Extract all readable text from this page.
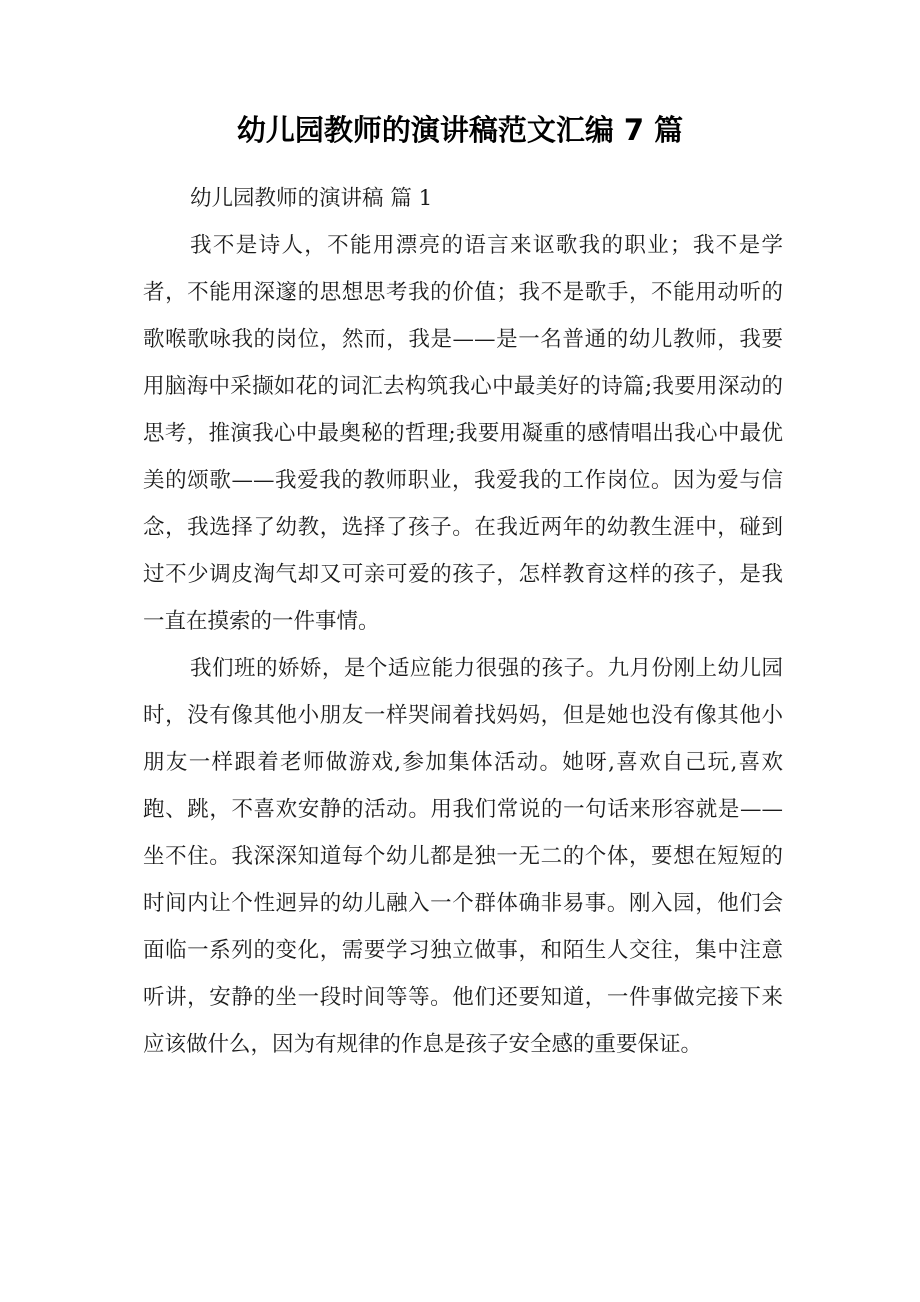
幼儿园教师的演讲稿范文汇编 7 篇

幼儿园教师的演讲稿 篇 1

我不是诗人，不能用漂亮的语言来讴歌我的职业；我不是学者，不能用深邃的思想思考我的价值；我不是歌手，不能用动听的歌喉歌咏我的岗位，然而，我是——是一名普通的幼儿教师，我要用脑海中采撷如花的词汇去构筑我心中最美好的诗篇;我要用深动的思考，推演我心中最奥秘的哲理;我要用凝重的感情唱出我心中最优美的颂歌——我爱我的教师职业，我爱我的工作岗位。因为爱与信念，我选择了幼教，选择了孩子。在我近两年的幼教生涯中，碰到过不少调皮淘气却又可亲可爱的孩子，怎样教育这样的孩子，是我一直在摸索的一件事情。

我们班的娇娇，是个适应能力很强的孩子。九月份刚上幼儿园时，没有像其他小朋友一样哭闹着找妈妈，但是她也没有像其他小朋友一样跟着老师做游戏,参加集体活动。她呀,喜欢自己玩,喜欢跑、跳，不喜欢安静的活动。用我们常说的一句话来形容就是——坐不住。我深深知道每个幼儿都是独一无二的个体，要想在短短的时间内让个性迥异的幼儿融入一个群体确非易事。刚入园，他们会面临一系列的变化，需要学习独立做事，和陌生人交往，集中注意听讲，安静的坐一段时间等等。他们还要知道，一件事做完接下来应该做什么，因为有规律的作息是孩子安全感的重要保证。
